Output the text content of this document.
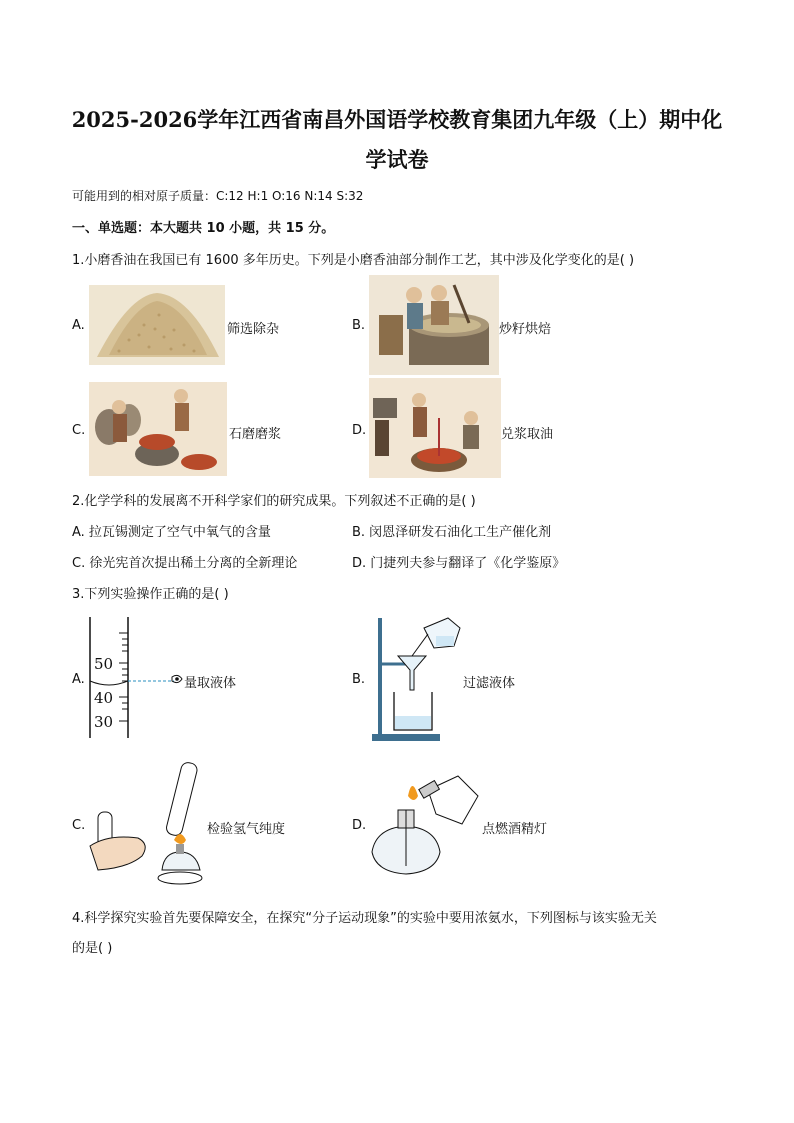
2025-2026学年江西省南昌外国语学校教育集团九年级（上）期中化
学试卷
可能用到的相对原子质量：C:12 H:1 O:16 N:14 S:32
一、单选题：本大题共 10 小题，共 15 分。
1.小磨香油在我国已有 1600 多年历史。下列是小磨香油部分制作工艺，其中涉及化学变化的是( )
A.	筛选除杂	B.	炒籽烘焙
C.	石磨磨浆	D.	兑浆取油
2.化学学科的发展离不开科学家们的研究成果。下列叙述不正确的是( )
A. 拉瓦锡测定了空气中氧气的含量	B. 闵恩泽研发石油化工生产催化剂
C. 徐光宪首次提出稀土分离的全新理论	D. 门捷列夫参与翻译了《化学鉴原》
3.下列实验操作正确的是( )
A.
50
40
30
量取液体	B.	过滤液体
C.	检验氢气纯度	D.	点燃酒精灯
4.科学探究实验首先要保障安全，在探究“分子运动现象”的实验中要用浓氨水，下列图标与该实验无关
的是( )
